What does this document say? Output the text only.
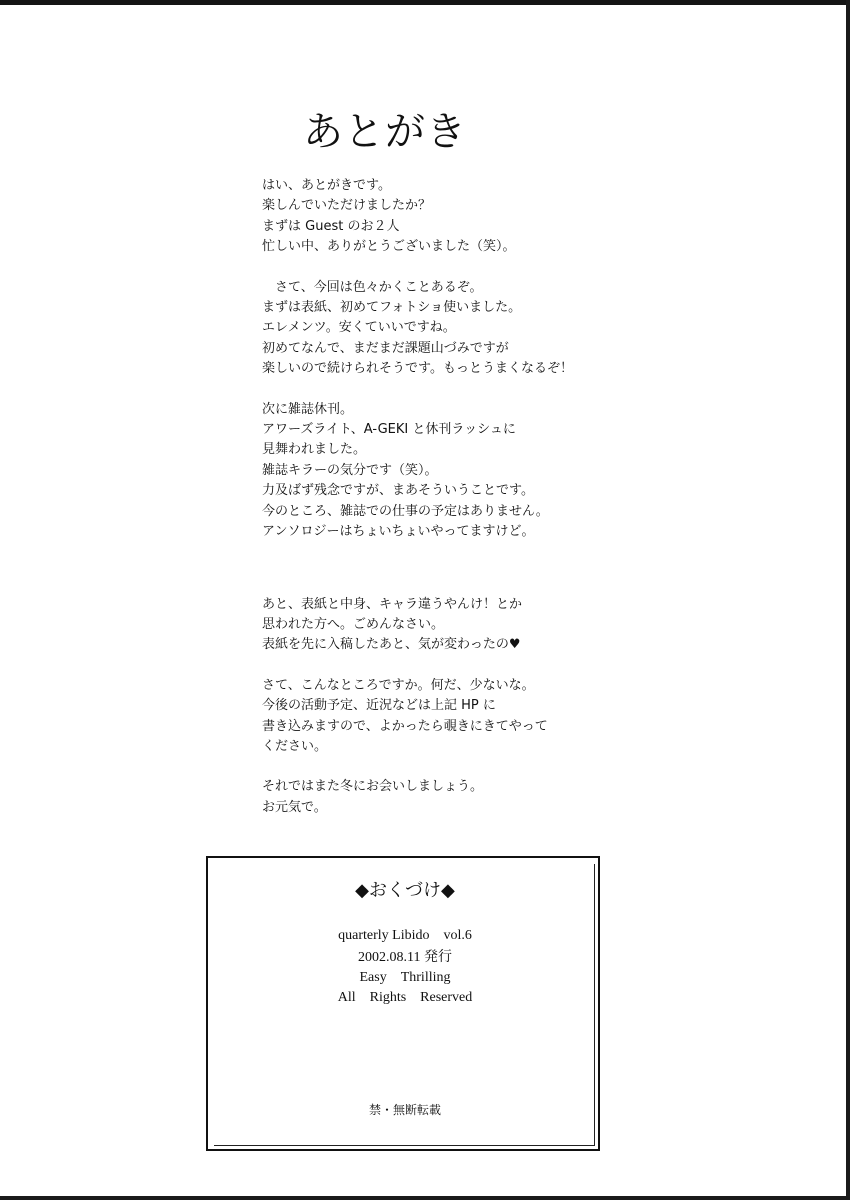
あとがき
はい、あとがきです。
楽しんでいただけましたか？
まずは Guest のお２人
忙しい中、ありがとうございました（笑）。
　さて、今回は色々かくことあるぞ。
まずは表紙、初めてフォトショ使いました。
エレメンツ。安くていいですね。
初めてなんで、まだまだ課題山づみですが
楽しいので続けられそうです。もっとうまくなるぞ！
次に雑誌休刊。
アワーズライト、A-GEKI と休刊ラッシュに
見舞われました。
雑誌キラーの気分です（笑）。
力及ばず残念ですが、まあそういうことです。
今のところ、雑誌での仕事の予定はありません。
アンソロジーはちょいちょいやってますけど。
あと、表紙と中身、キャラ違うやんけ！とか
思われた方へ。ごめんなさい。
表紙を先に入稿したあと、気が変わったの♥
さて、こんなところですか。何だ、少ないな。
今後の活動予定、近況などは上記 HP に
書き込みますので、よかったら覗きにきてやって
ください。
それではまた冬にお会いしましょう。
お元気で。
◆おくづけ◆
quarterly Libido　vol.6
2002.08.11 発行
Easy　Thrilling
All　Rights　Reserved
禁・無断転載
